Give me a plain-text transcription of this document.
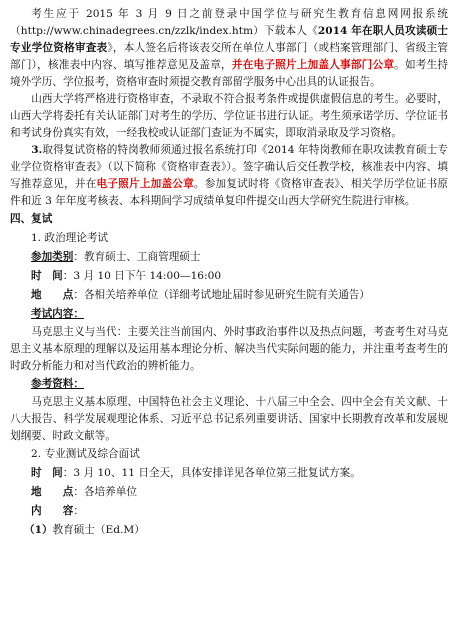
考生应于 2015 年 3 月 9 日之前登录中国学位与研究生教育信息网网报系统（http://www.chinadegrees.cn/zzlk/index.htm）下载本人《2014 年在职人员攻读硕士专业学位资格审查表》，本人签名后将该表交所在单位人事部门（或档案管理部门、省级主管部门），核准表中内容、填写推荐意见及盖章，并在电子照片上加盖人事部门公章。如考生持境外学历、学位报考，资格审查时须提交教育部留学服务中心出具的认证报告。

山西大学将严格进行资格审查，不录取不符合报考条件或提供虚假信息的考生。必要时，山西大学将委托有关认证部门对考生的学历、学位证书进行认证。考生须承诺学历、学位证书和考试身份真实有效，一经我校或认证部门查证为不属实，即取消录取及学习资格。

3.取得复试资格的特岗教师须通过报名系统打印《2014 年特岗教师在职攻读教育硕士专业学位资格审查表》（以下简称《资格审查表》）。签字确认后交任教学校，核准表中内容、填写推荐意见，并在电子照片上加盖公章。参加复试时将《资格审查表》、相关学历学位证书原件和近 3 年年度考核表、本科期间学习成绩单复印件提交山西大学研究生院进行审核。

四、复试
1. 政治理论考试
参加类别：教育硕士、工商管理硕士
时　间：3 月 10 日下午 14:00—16:00
地　　点：各相关培养单位（详细考试地址届时参见研究生院有关通告）
考试内容：

马克思主义与当代：主要关注当前国内、外时事政治事件以及热点问题，考查考生对马克思主义基本原理的理解以及运用基本理论分析、解决当代实际问题的能力，并注重考查考生的时政分析能力和对当代政治的辨析能力。

参考资料：

马克思主义基本原理、中国特色社会主义理论、十八届三中全会、四中全会有关文献、十八大报告、科学发展观理论体系、习近平总书记系列重要讲话、国家中长期教育改革和发展规划纲要、时政文献等。

2. 专业测试及综合面试
时　间：3 月 10、11 日全天，具体安排详见各单位第三批复试方案。
地　　点：各培养单位
内　　容：
（1）教育硕士（Ed.M）
